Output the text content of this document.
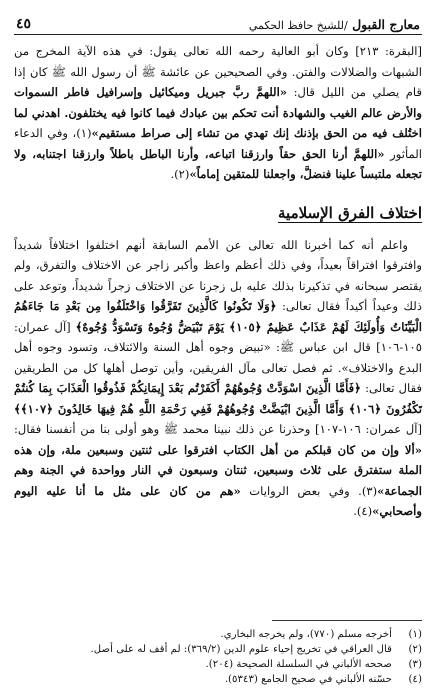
معارج القبول /للشيخ حافظ الحكمي
٤٥

[البقرة: ٢١٣] وكان أبو العالية رحمه الله تعالى يقول: في هذه الآية المخرج من الشبهات والضلالات والفتن. وفي الصحيحين عن عائشة ﷺ أن رسول الله ﷺ كان إذا قام يصلي من الليل قال: «اللهمَّ ربَّ جبريل وميكائيل وإسرافيل فاطر السموات والأرض عالم الغيب والشهادة أنت تحكم بين عبادك فيما كانوا فيه يختلفون. اهدني لما اختُلف فيه من الحق بإذنك إنك تهدي من تشاء إلى صراط مستقيم»(١)، وفي الدعاء المأثور «اللهمَّ أرنا الحق حقاً وارزقنا اتباعه، وأرنا الباطل باطلاً وارزقنا اجتنابه، ولا تجعله ملتبساً علينا فنضلَّ، واجعلنا للمتقين إماماً»(٢).

اختلاف الفرق الإسلامية

واعلم أنه كما أخبرنا الله تعالى عن الأمم السابقة أنهم اختلفوا اختلافاً شديداً وافترقوا افتراقاً بعيداً، وفي ذلك أعظم واعظ وأكبر زاجر عن الاختلاف والتفرق، ولم يقتصر سبحانه في تذكيرنا بذلك عليه بل زجرنا عن الاختلاف زجراً شديداً، وتوعد على ذلك وعيداً أكيداً فقال تعالى: ﴿وَلَا تَكُونُوا كَالَّذِينَ تَفَرَّقُوا وَاخْتَلَفُوا مِن بَعْدِ مَا جَاءَهُمُ الْبَيِّنَاتُ وَأُولَئِكَ لَهُمْ عَذَابٌ عَظِيمٌ ﴿١٠٥﴾ يَوْمَ تَبْيَضُّ وُجُوهٌ وَتَسْوَدُّ وُجُوهٌ﴾ [آل عمران: ١٠٥-١٠٦] قال ابن عباس ﷺ: «تبيض وجوه أهل السنة والائتلاف، وتسود وجوه أهل البدع والاختلاف». ثم فصل تعالى مآل الفريقين، وأين توصل أهلها كل من الطريقين فقال تعالى: ﴿فَأَمَّا الَّذِينَ اسْوَدَّتْ وُجُوهُهُمْ أَكَفَرْتُم بَعْدَ إِيمَانِكُمْ فَذُوقُوا الْعَذَابَ بِمَا كُنتُمْ تَكْفُرُونَ ﴿١٠٦﴾ وَأَمَّا الَّذِينَ ابْيَضَّتْ وُجُوهُهُمْ فَفِي رَحْمَةِ اللَّهِ هُمْ فِيهَا خَالِدُونَ ﴿١٠٧﴾﴾ [آل عمران: ١٠٦-١٠٧] وحذرنا عن ذلك نبينا محمد ﷺ وهو أولى بنا من أنفسنا فقال: «ألا وإن من كان قبلكم من أهل الكتاب افترقوا على ثنتين وسبعين ملة، وإن هذه الملة ستفترق على ثلاث وسبعين، ثنتان وسبعون في النار وواحدة في الجنة وهم الجماعة»(٣). وفي بعض الروايات «هم من كان على مثل ما أنا عليه اليوم وأصحابي»(٤).

(١)
أخرجه مسلم (٧٧٠)، ولم يخرجه البخاري.
(٢)
قال العراقي في تخريج إحياء علوم الدين (٣٦٩/٢): لم أقف له على أصل.
(٣)
صححه الألباني في السلسلة الصحيحة (٢٠٤).
(٤)
حسّنه الألباني في صحيح الجامع (٥٣٤٣).
